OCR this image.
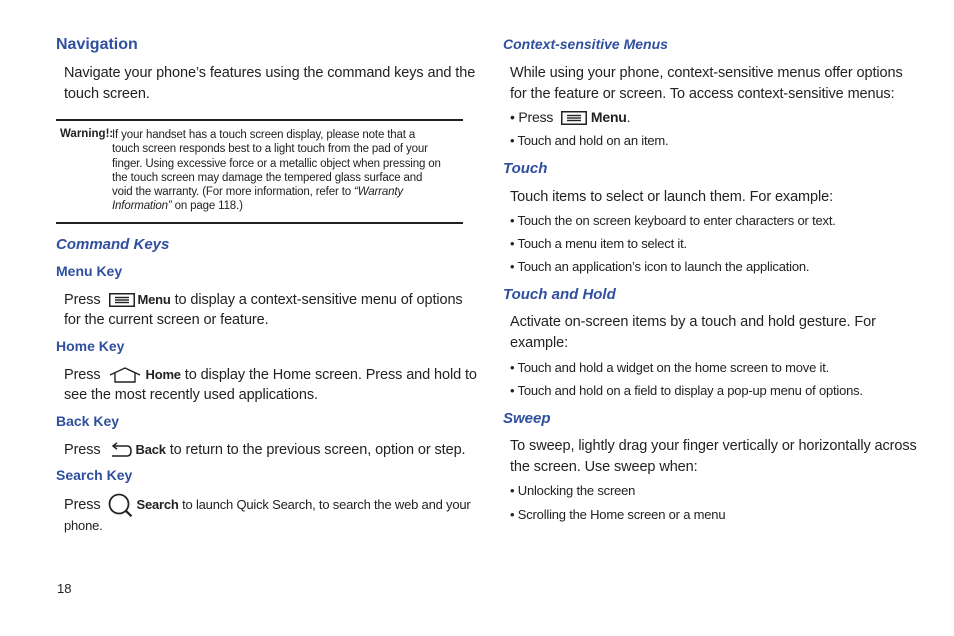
Navigation
Navigate your phone’s features using the command keys and the
touch screen.
Warning!:
If your handset has a touch screen display, please note that a
touch screen responds best to a light touch from the pad of your
finger. Using excessive force or a metallic object when pressing on
the touch screen may damage the tempered glass surface and
void the warranty. (For more information, refer to “Warranty
Information” on page 118.)
Command Keys
Menu Key
Press	Menu to display a context-sensitive menu of options
for the current screen or feature.
Home Key
Press	Home to display the Home screen. Press and hold to
see the most recently used applications.
Back Key
Press	Back to return to the previous screen, option or step.
Search Key
Press	Search to launch Quick Search, to search the web and your
phone.
18
Context-sensitive Menus
While using your phone, context-sensitive menus offer options
for the feature or screen. To access context-sensitive menus:
• Press	Menu.
• Touch and hold on an item.
Touch
Touch items to select or launch them. For example:
• Touch the on screen keyboard to enter characters or text.
• Touch a menu item to select it.
• Touch an application’s icon to launch the application.
Touch and Hold
Activate on-screen items by a touch and hold gesture. For
example:
• Touch and hold a widget on the home screen to move it.
• Touch and hold on a field to display a pop-up menu of options.
Sweep
To sweep, lightly drag your finger vertically or horizontally across
the screen. Use sweep when:
• Unlocking the screen
• Scrolling the Home screen or a menu
